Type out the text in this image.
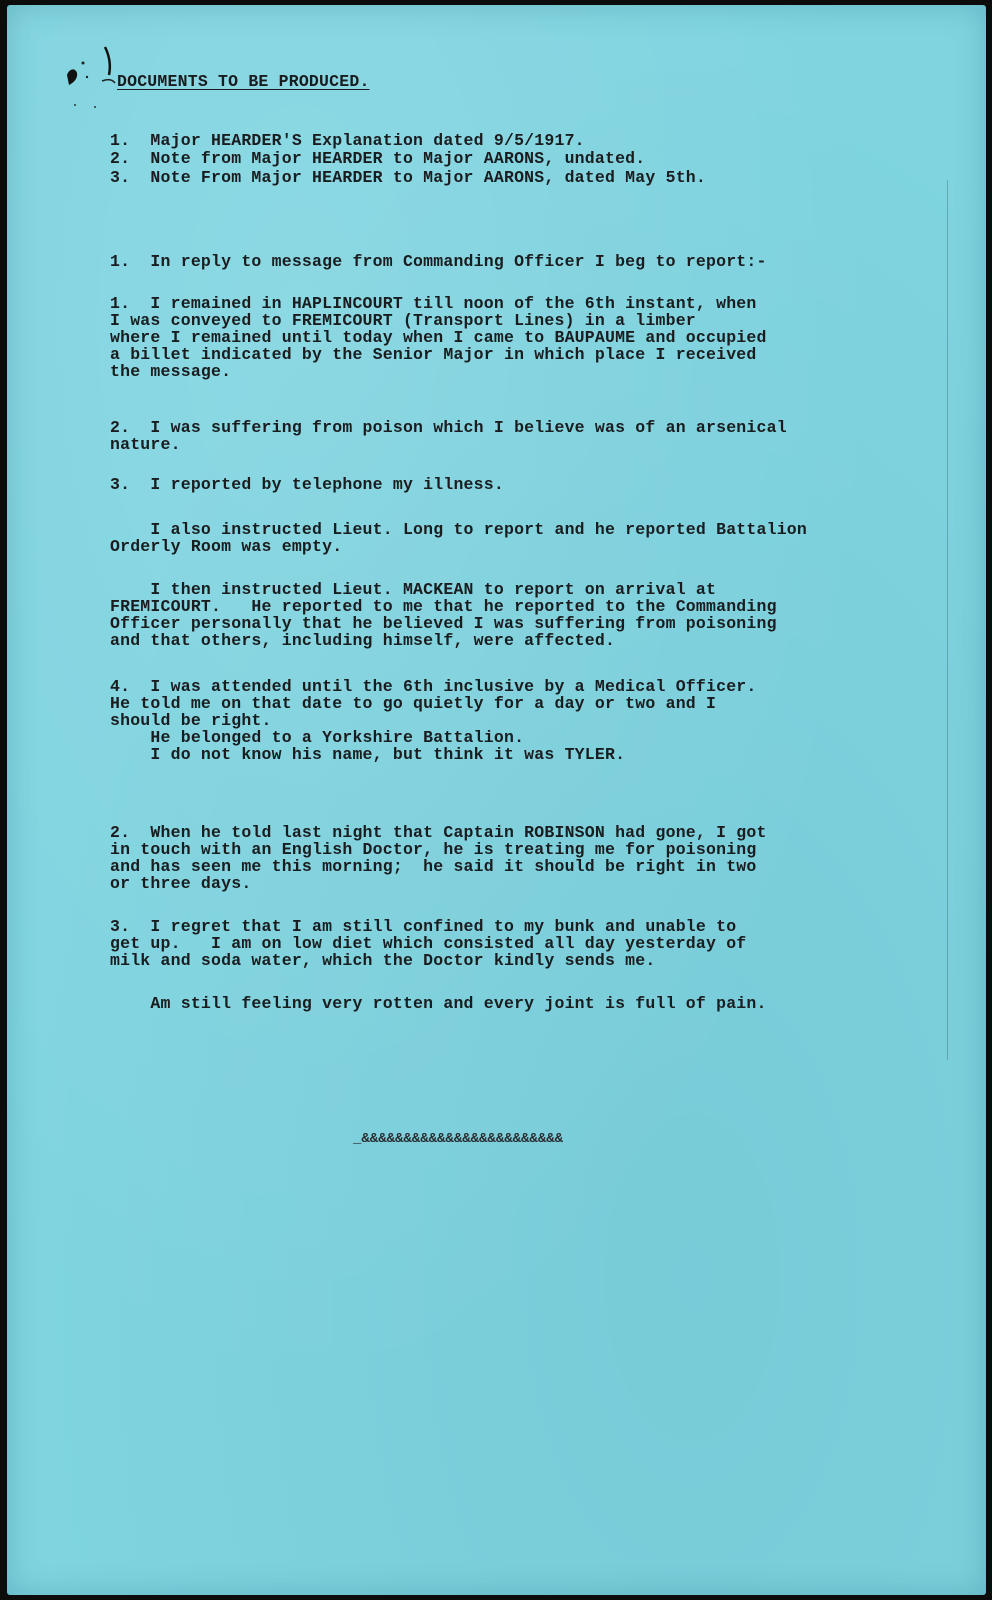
DOCUMENTS TO BE PRODUCED.

1.  Major HEARDER'S Explanation dated 9/5/1917.

2.  Note from Major HEARDER to Major AARONS, undated.

3.  Note From Major HEARDER to Major AARONS, dated May 5th.

1.  In reply to message from Commanding Officer I beg to report:-

1.  I remained in HAPLINCOURT till noon of the 6th instant, when
I was conveyed to FREMICOURT (Transport Lines) in a limber
where I remained until today when I came to BAUPAUME and occupied
a billet indicated by the Senior Major in which place I received
the message.

2.  I was suffering from poison which I believe was of an arsenical
nature.

3.  I reported by telephone my illness.

I also instructed Lieut. Long to report and he reported Battalion
Orderly Room was empty.

I then instructed Lieut. MACKEAN to report on arrival at
FREMICOURT.   He reported to me that he reported to the Commanding
Officer personally that he believed I was suffering from poisoning
and that others, including himself, were affected.

4.  I was attended until the 6th inclusive by a Medical Officer.
He told me on that date to go quietly for a day or two and I
should be right.
He belonged to a Yorkshire Battalion.
I do not know his name, but think it was TYLER.

2.  When he told last night that Captain ROBINSON had gone, I got
in touch with an English Doctor, he is treating me for poisoning
and has seen me this morning;  he said it should be right in two
or three days.

3.  I regret that I am still confined to my bunk and unable to
get up.   I am on low diet which consisted all day yesterday of
milk and soda water, which the Doctor kindly sends me.

Am still feeling very rotten and every joint is full of pain.

_&&&&&&&&&&&&&&&&&&&&&&&&
